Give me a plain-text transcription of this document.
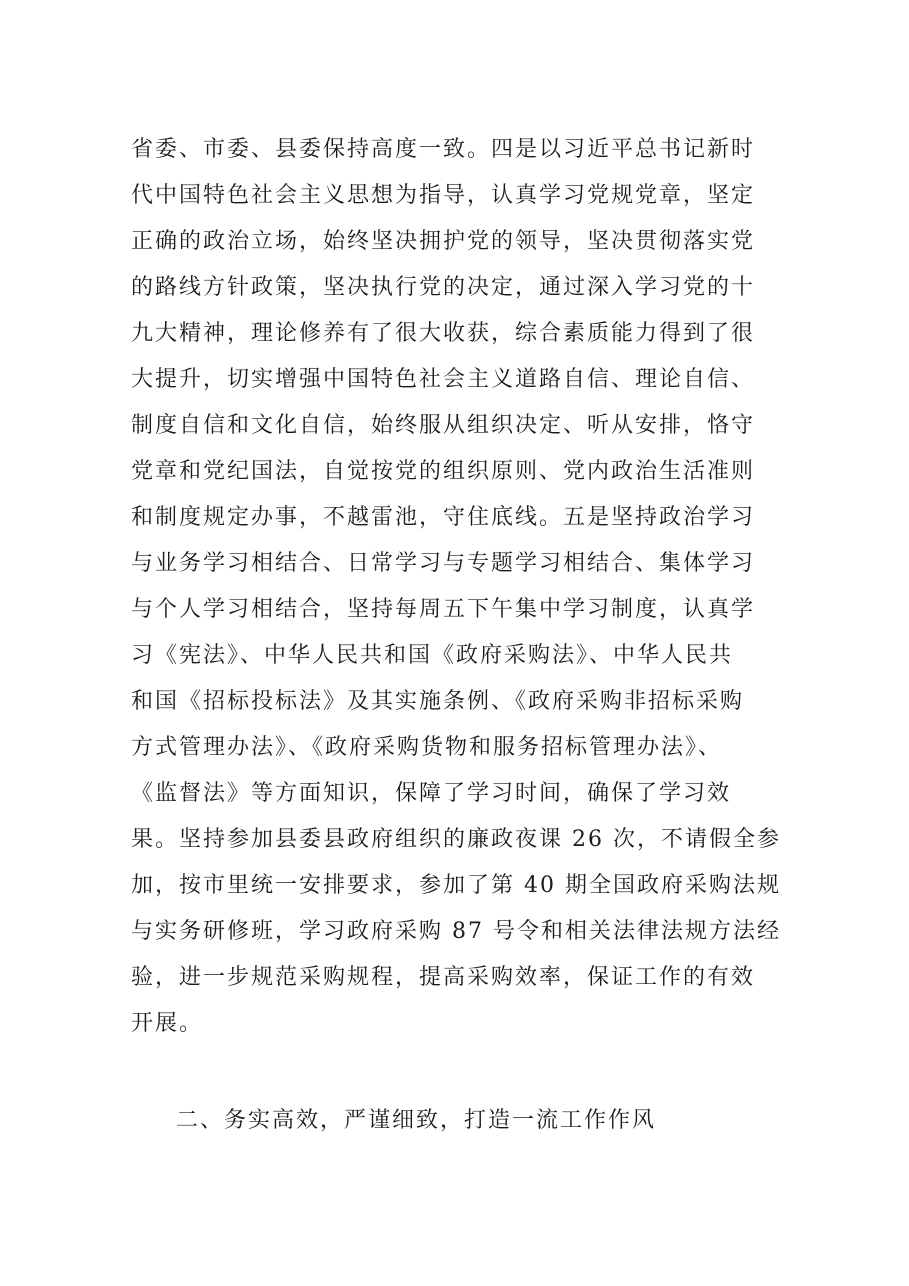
省委、市委、县委保持高度一致。四是以习近平总书记新时
代中国特色社会主义思想为指导，认真学习党规党章，坚定
正确的政治立场，始终坚决拥护党的领导，坚决贯彻落实党
的路线方针政策，坚决执行党的决定，通过深入学习党的十
九大精神，理论修养有了很大收获，综合素质能力得到了很
大提升，切实增强中国特色社会主义道路自信、理论自信、
制度自信和文化自信，始终服从组织决定、听从安排，恪守
党章和党纪国法，自觉按党的组织原则、党内政治生活准则
和制度规定办事，不越雷池，守住底线。五是坚持政治学习
与业务学习相结合、日常学习与专题学习相结合、集体学习
与个人学习相结合，坚持每周五下午集中学习制度，认真学
习《宪法》、中华人民共和国《政府采购法》、中华人民共
和国《招标投标法》及其实施条例、《政府采购非招标采购
方式管理办法》、《政府采购货物和服务招标管理办法》、
《监督法》等方面知识，保障了学习时间，确保了学习效
果。坚持参加县委县政府组织的廉政夜课 26 次，不请假全参
加，按市里统一安排要求，参加了第 40 期全国政府采购法规
与实务研修班，学习政府采购 87 号令和相关法律法规方法经
验，进一步规范采购规程，提高采购效率，保证工作的有效
开展。
二、务实高效，严谨细致，打造一流工作作风
